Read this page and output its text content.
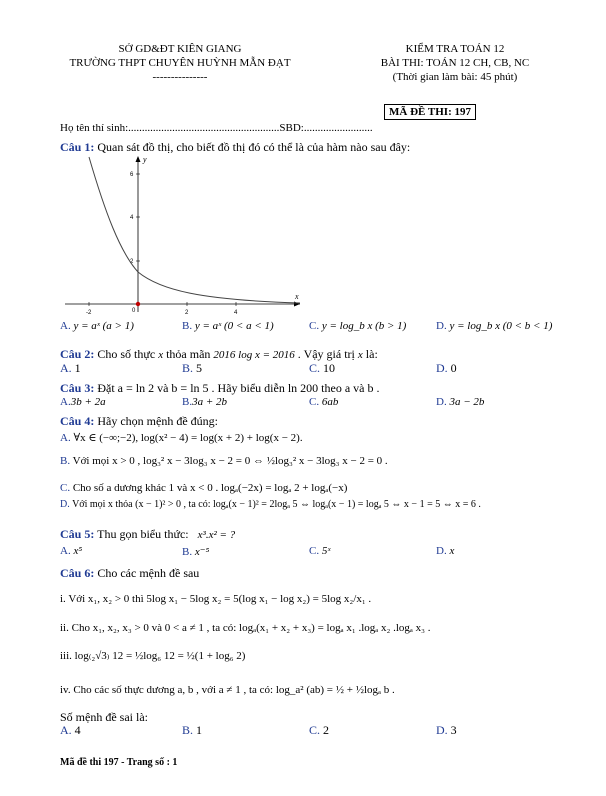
SỞ GD&ĐT KIÊN GIANG
TRƯỜNG THPT CHUYÊN HUỲNH MẪN ĐẠT
---------------
KIỂM TRA TOÁN 12
BÀI THI: TOÁN 12 CH, CB, NC
(Thời gian làm bài: 45 phút)
MÃ ĐỀ THI: 197
Họ tên thí sinh:.......................................................SBD:.........................
Câu 1: Quan sát đồ thị, cho biết đồ thị đó có thể là của hàm nào sau đây:
-2	2	4
6
4
2
0
x
y
A. y = aˣ (a > 1)	B. y = aˣ (0 < a < 1)	C. y = log_b x (b > 1)	D. y = log_b x (0 < b < 1)
Câu 2: Cho số thực x thỏa mãn 2016 log x = 2016 . Vậy giá trị x là:
A. 1	B. 5	C. 10	D. 0
Câu 3: Đặt a = ln 2 và b = ln 5 . Hãy biểu diễn ln 200 theo a và b .
A.3b + 2a	B.3a + 2b	C. 6ab	D. 3a − 2b
Câu 4: Hãy chọn mệnh đề đúng:
A. ∀x ∈ (−∞;−2), log(x² − 4) = log(x + 2) + log(x − 2).
B. Với mọi x > 0 , log₃² x − 3log₃ x − 2 = 0 ⇔ ½log₃² x − 3log₃ x − 2 = 0 .
C. Cho số a dương khác 1 và x < 0 . logₐ(−2x) = logₐ 2 + logₐ(−x)
D. Với mọi x thỏa (x − 1)² > 0 , ta có: logₐ(x − 1)² = 2logₐ 5 ⇔ logₐ(x − 1) = logₐ 5 ⇔ x − 1 = 5 ⇔ x = 6 .
Câu 5: Thu gọn biểu thức: x³.x² = ?
A. x⁵	B. x⁻⁵	C. 5ˣ	D. x
Câu 6: Cho các mệnh đề sau
i. Với x₁, x₂ > 0 thì 5log x₁ − 5log x₂ = 5(log x₁ − log x₂) = 5log x₂/x₁ .
ii. Cho x₁, x₂, x₃ > 0 và 0 < a ≠ 1 , ta có: logₐ(x₁ + x₂ + x₃) = logₐ x₁ .logₐ x₂ .logₐ x₃ .
iii. log₍₂√3₎ 12 = ½log₆ 12 = ½(1 + log₆ 2)
iv. Cho các số thực dương a, b , với a ≠ 1 , ta có: log_a² (ab) = ½ + ½logₐ b .
Số mệnh đề sai là:
A. 4	B. 1	C. 2	D. 3
Mã đề thi 197 - Trang số : 1
